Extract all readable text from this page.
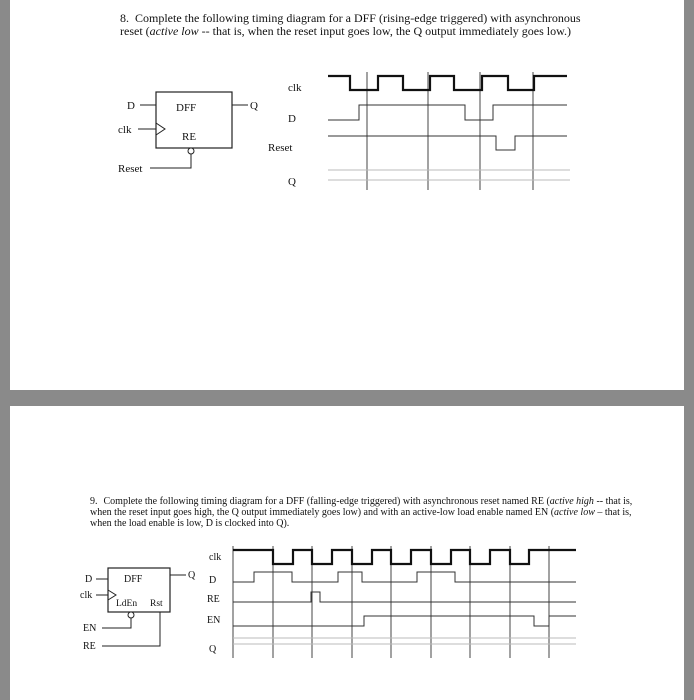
8. Complete the following timing diagram for a DFF (rising-edge triggered) with asynchronous reset (active low -- that is, when the reset input goes low, the Q output immediately goes low.)

DFF
RE
D
clk
Q
Reset
clk
D
Reset
Q

9. Complete the following timing diagram for a DFF (falling-edge triggered) with asynchronous reset named RE (active high -- that is, when the reset input goes high, the Q output immediately goes low) and with an active-low load enable named EN (active low – that is, when the load enable is low, D is clocked into Q).

DFF
LdEn Rst
D
clk
Q
EN
RE
clk
D
RE
EN
Q
